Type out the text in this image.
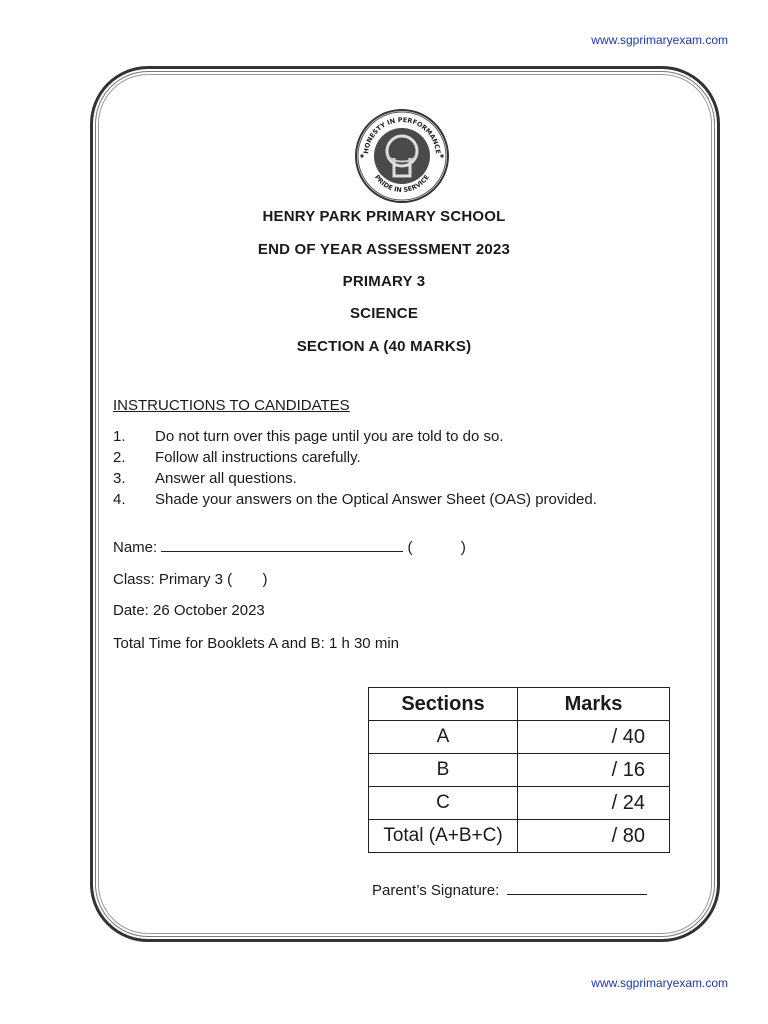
www.sgprimaryexam.com
HONESTY IN PERFORMANCE
PRIDE IN SERVICE
HENRY PARK PRIMARY SCHOOL
END OF YEAR ASSESSMENT 2023
PRIMARY 3
SCIENCE
SECTION A (40 MARKS)
INSTRUCTIONS TO CANDIDATES
1.	Do not turn over this page until you are told to do so.
2.	Follow all instructions carefully.
3.	Answer all questions.
4.	Shade your answers on the Optical Answer Sheet (OAS) provided.
Name:	(	)
Class: Primary 3 ( )
Date: 26 October 2023
Total Time for Booklets A and B: 1 h 30 min
Sections	Marks
A	/ 40
B	/ 16
C	/ 24
Total (A+B+C)	/ 80
Parent’s Signature:
www.sgprimaryexam.com
